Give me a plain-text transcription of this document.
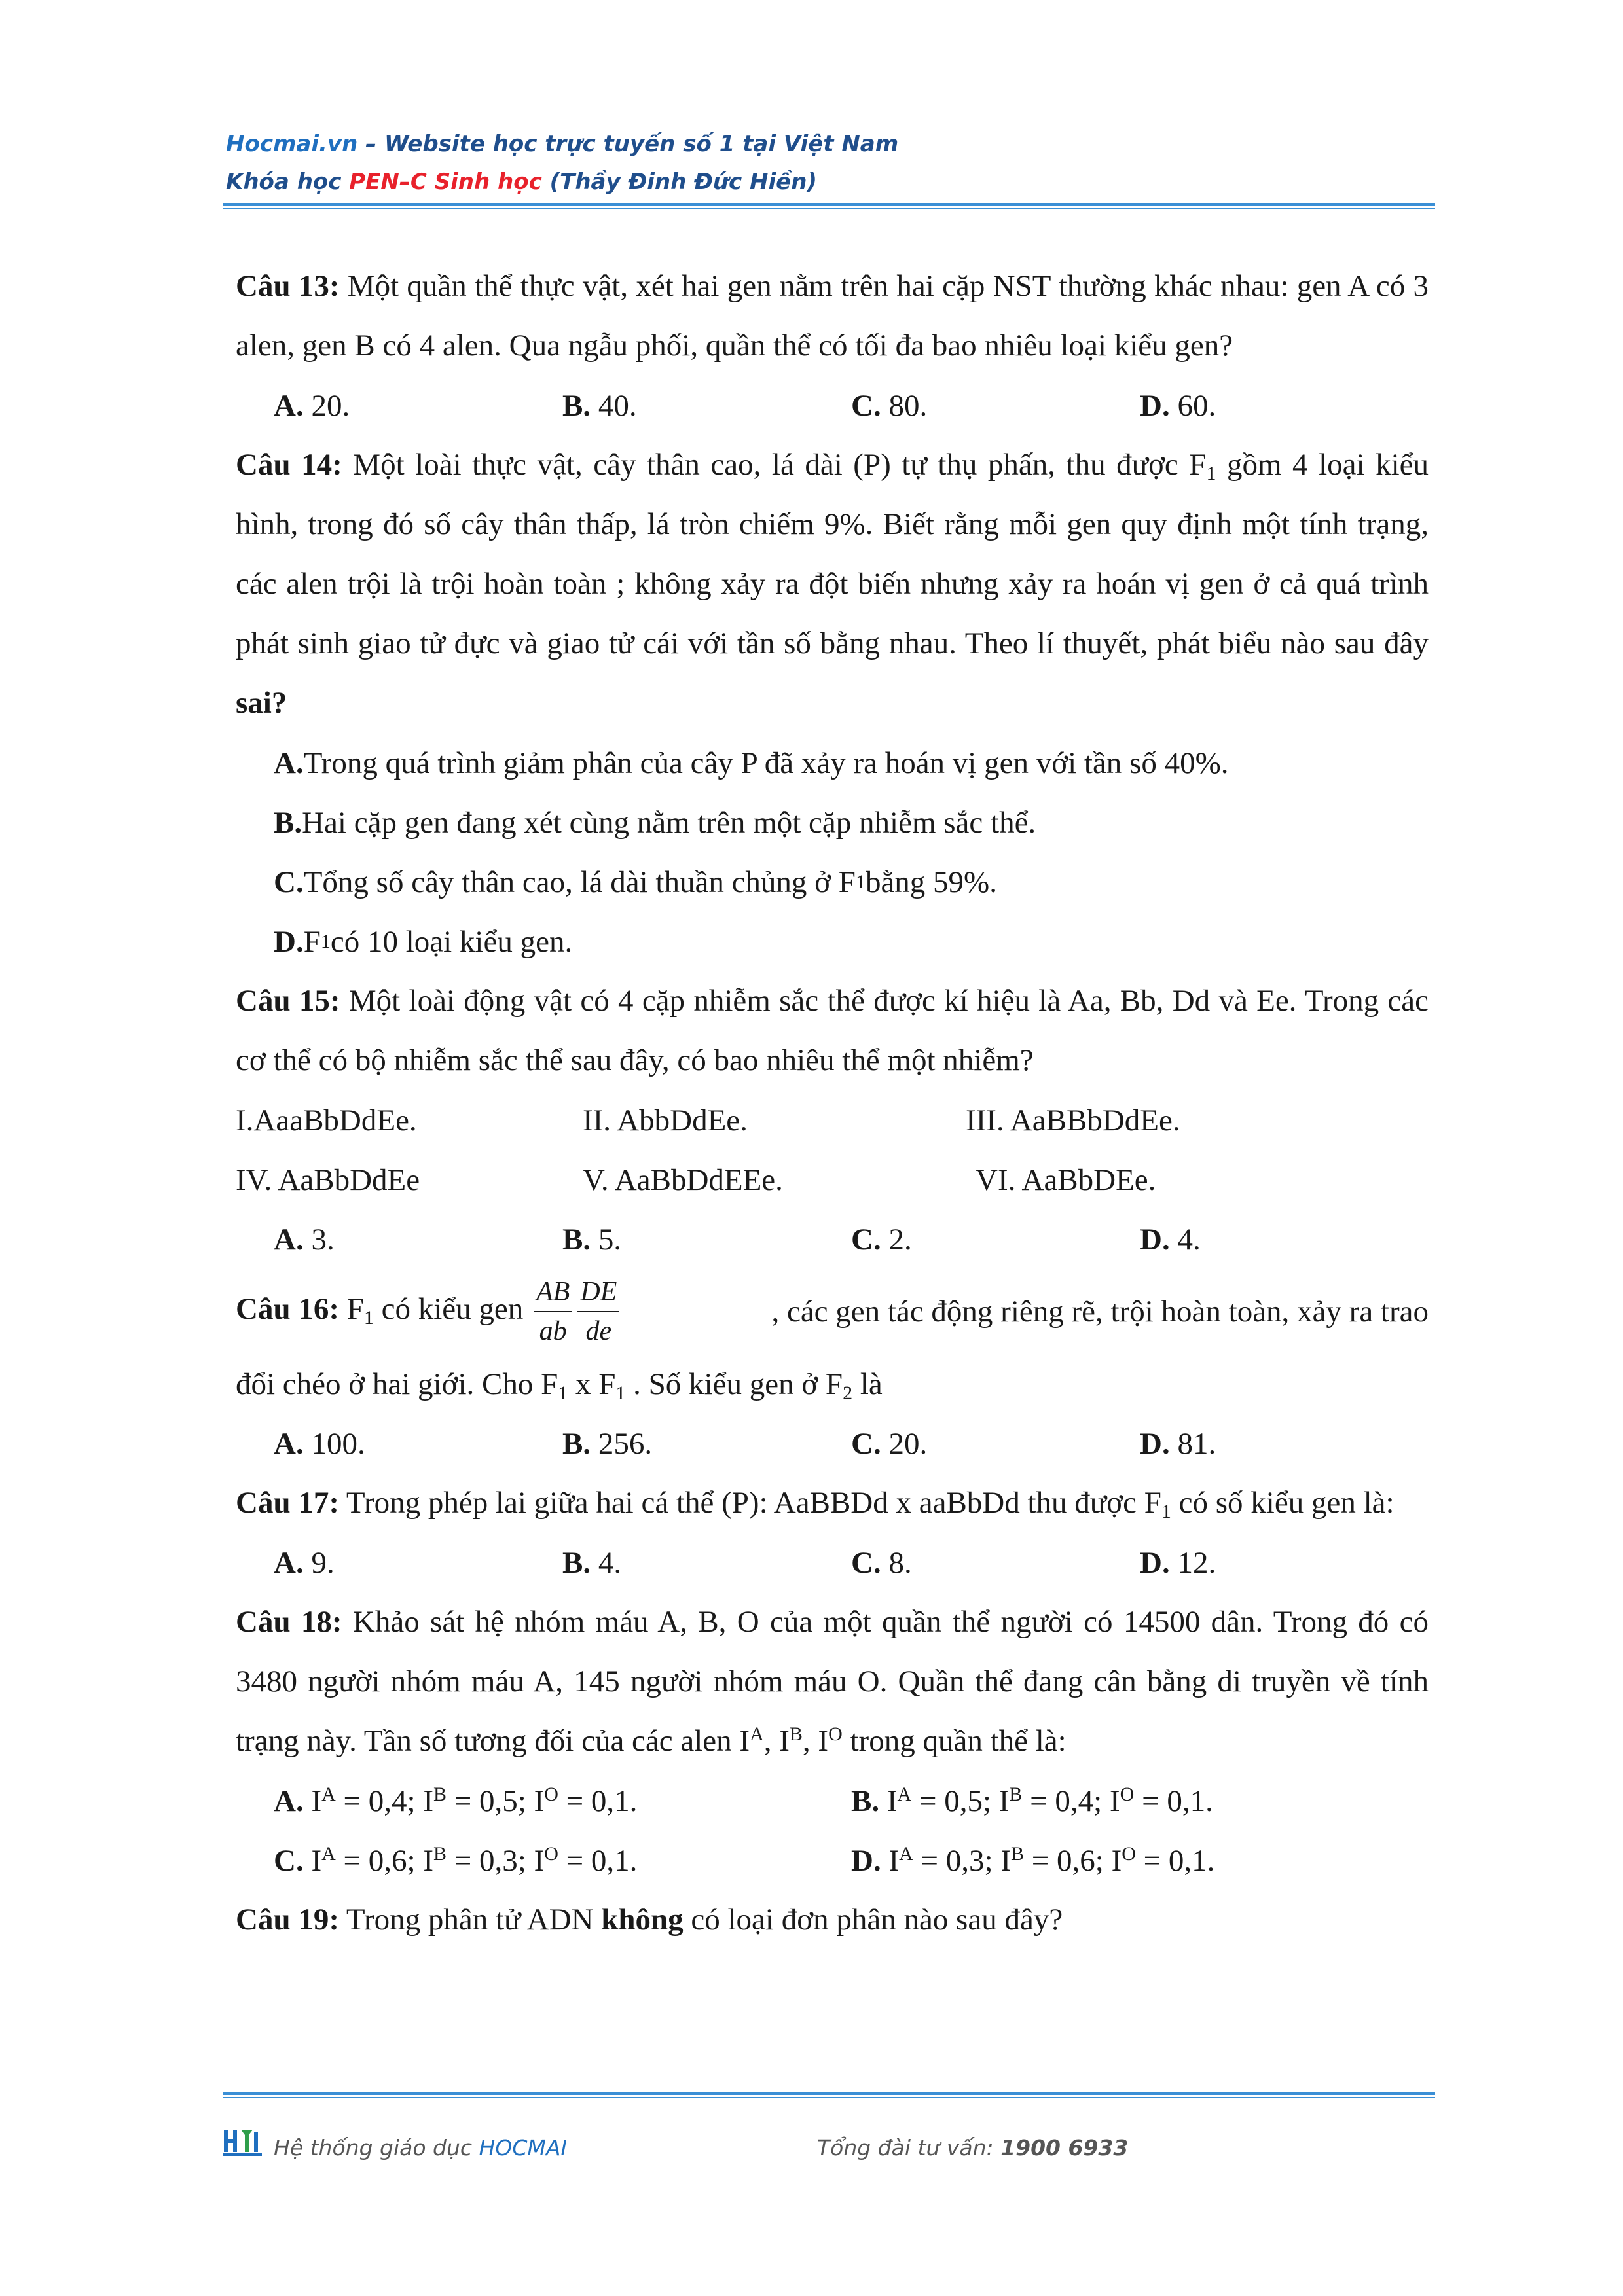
Hocmai.vn – Website học trực tuyến số 1 tại Việt Nam
Khóa học PEN–C Sinh học (Thầy Đinh Đức Hiền)

Câu 13: Một quần thể thực vật, xét hai gen nằm trên hai cặp NST thường khác nhau: gen A có 3 alen, gen B có 4 alen. Qua ngẫu phối, quần thể có tối đa bao nhiêu loại kiểu gen?

A. 20.	B. 40.	C. 80.	D. 60.

Câu 14: Một loài thực vật, cây thân cao, lá dài (P) tự thụ phấn, thu được $F_1$ gồm 4 loại kiểu hình, trong đó số cây thân thấp, lá tròn chiếm 9%. Biết rằng mỗi gen quy định một tính trạng, các alen trội là trội hoàn toàn ; không xảy ra đột biến nhưng xảy ra hoán vị gen ở cả quá trình phát sinh giao tử đực và giao tử cái với tần số bằng nhau. Theo lí thuyết, phát biểu nào sau đây sai?

A. Trong quá trình giảm phân của cây P đã xảy ra hoán vị gen với tần số 40%.
B. Hai cặp gen đang xét cùng nằm trên một cặp nhiễm sắc thể.
C. Tổng số cây thân cao, lá dài thuần chủng ở F 1 bằng 59%.
D. F 1 có 10 loại kiểu gen.

Câu 15: Một loài động vật có 4 cặp nhiễm sắc thể được kí hiệu là Aa, Bb, Dd và Ee. Trong các cơ thể có bộ nhiễm sắc thể sau đây, có bao nhiêu thể một nhiễm?

I.AaaBbDdEe.	II. AbbDdEe.	III. AaBBbDdEe.
IV. AaBbDdEe	V. AaBbDdEEe.	VI. AaBbDEe.
A. 3.	B. 5.	C. 2.	D. 4.
Câu 16: $F_1$ có kiểu gen $\frac{AB}{ab} \frac{DE}{de}$	, các gen tác động riêng rẽ, trội hoàn toàn, xảy ra trao
đổi chéo ở hai giới. Cho $F_1$ x $F_1$ . Số kiểu gen ở $F_2$ là
A. 100.	B. 256.	C. 20.	D. 81.

Câu 17: Trong phép lai giữa hai cá thể (P): AaBBDd x aaBbDd thu được $F_1$ có số kiểu gen là:

A. 9.	B. 4.	C. 8.	D. 12.

Câu 18: Khảo sát hệ nhóm máu A, B, O của một quần thể người có 14500 dân. Trong đó có 3480 người nhóm máu A, 145 người nhóm máu O. Quần thể đang cân bằng di truyền về tính trạng này. Tần số tương đối của các alen $I^A$, $I^B$, $I^O$ trong quần thể là:

A. $I^A = 0,4$; $I^B = 0,5$; $I^O = 0,1$.	B. $I^A = 0,5$; $I^B = 0,4$; $I^O = 0,1$.
C. $I^A = 0,6$; $I^B = 0,3$; $I^O = 0,1$.	D. $I^A = 0,3$; $I^B = 0,6$; $I^O = 0,1$.

Câu 19: Trong phân tử ADN không có loại đơn phân nào sau đây?

Hệ thống giáo dục HOCMAI	Tổng đài tư vấn: 1900 6933
